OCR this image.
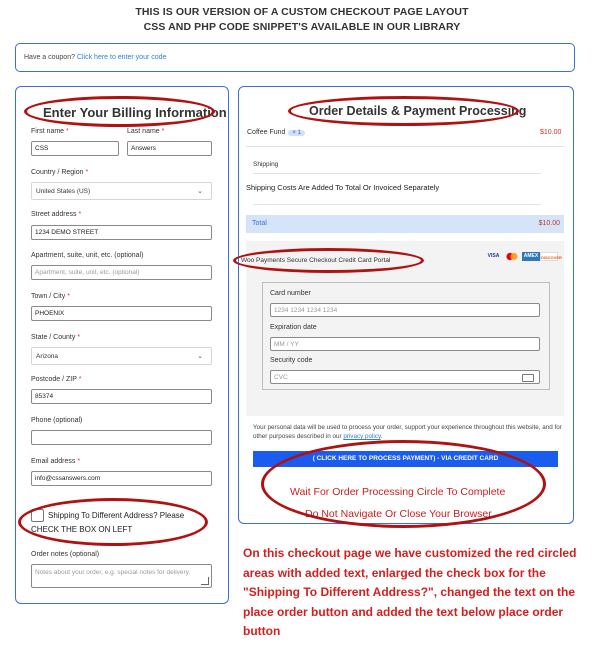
THIS IS OUR VERSION OF A CUSTOM CHECKOUT PAGE LAYOUT
CSS AND PHP CODE SNIPPET'S AVAILABLE IN OUR LIBRARY
Have a coupon? Click here to enter your code
Enter Your Billing Information
First name *	Last name *
CSS	Answers
Country / Region *
United States (US)	⌄
Street address *
1234 DEMO STREET
Apartment, suite, unit, etc. (optional)
Apartment, suite, unit, etc. (optional)
Town / City *
PHOENIX
State / County *
Arizona	⌄
Postcode / ZIP *
85374
Phone (optional)
Email address *
info@cssanswers.com
Shipping To Different Address? Please
CHECK THE BOX ON LEFT
Order notes (optional)
Notes about your order, e.g. special notes for delivery.
Order Details & Payment Processing
Coffee Fund × 1	$10.00
Shipping
Shipping Costs Are Added To Total Or Invoiced Separately
Total	$10.00
Woo Payments Secure Checkout Credit Card Portal
VISA	AMEX DISCOVER
Card number
1234 1234 1234 1234
Expiration date
MM / YY
Security code
CVC
Your personal data will be used to process your order, support your experience throughout this website, and for other purposes described in our privacy policy.
( CLICK HERE TO PROCESS PAYMENT) - VIA CREDIT CARD
Wait For Order Processing Circle To Complete
Do Not Navigate Or Close Your Browser
On this checkout page we have customized the red circled areas with added text, enlarged the check box for the "Shipping To Different Address?", changed the text on the place order button and added the text below place order button
